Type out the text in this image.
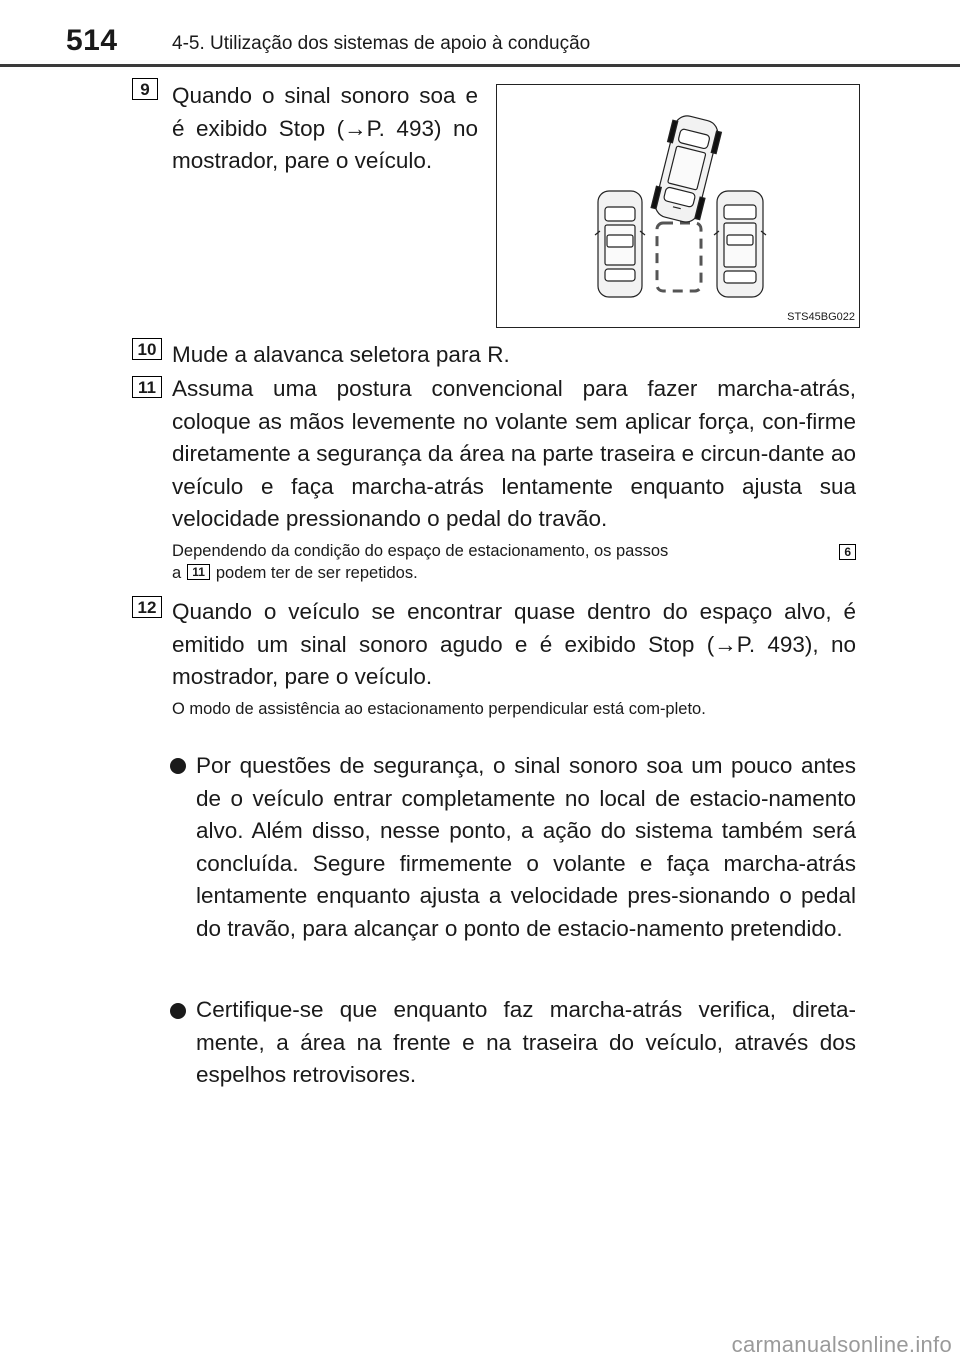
514	4-5. Utilização dos sistemas de apoio à condução
9 Quando o sinal sonoro soa e é exibido Stop (→P. 493) no mostrador, pare o veículo.
STS45BG022
10 Mude a alavanca seletora para R.
11 Assuma uma postura convencional para fazer marcha-atrás, coloque as mãos levemente no volante sem aplicar força, con-firme diretamente a segurança da área na parte traseira e circun-dante ao veículo e faça marcha-atrás lentamente enquanto ajusta sua velocidade pressionando o pedal do travão.
Dependendo da condição do espaço de estacionamento, os passos	6

a 11 podem ter de ser repetidos.
12 Quando o veículo se encontrar quase dentro do espaço alvo, é emitido um sinal sonoro agudo e é exibido Stop (→P. 493), no mostrador, pare o veículo.
O modo de assistência ao estacionamento perpendicular está com-pleto.
Por questões de segurança, o sinal sonoro soa um pouco antes de o veículo entrar completamente no local de estacio-namento alvo. Além disso, nesse ponto, a ação do sistema também será concluída. Segure firmemente o volante e faça marcha-atrás lentamente enquanto ajusta a velocidade pres-sionando o pedal do travão, para alcançar o ponto de estacio-namento pretendido.
Certifique-se que enquanto faz marcha-atrás verifica, direta-mente, a área na frente e na traseira do veículo, através dos espelhos retrovisores.
carmanualsonline.info
